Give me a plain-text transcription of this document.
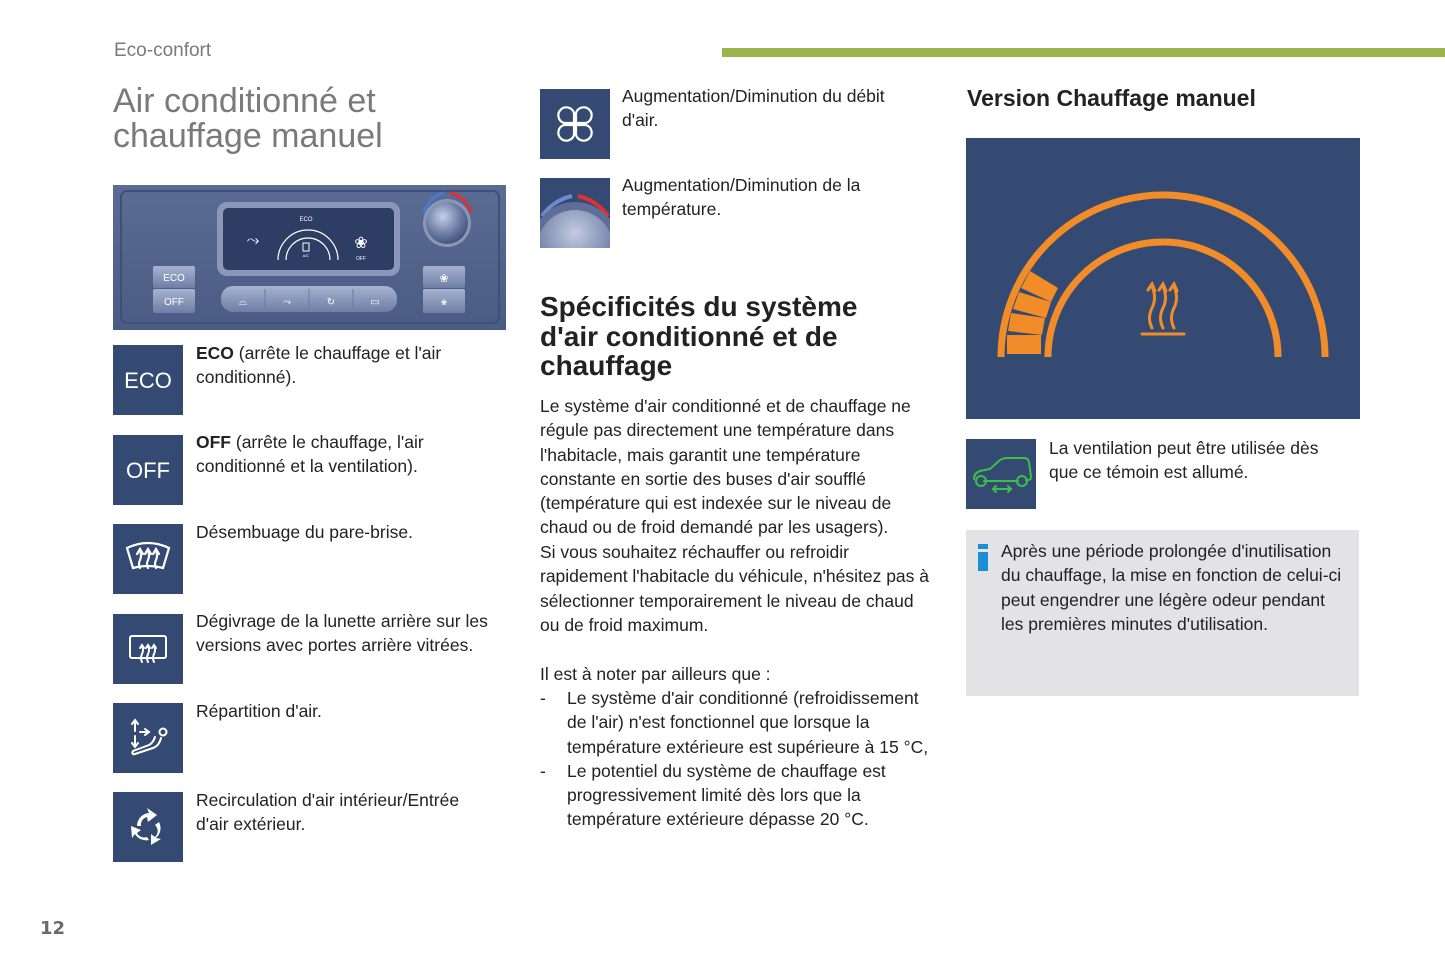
Eco-confort
Air conditionné et
chauffage manuel
ECO
A/C
⤳	❀
OFF
ECO
OFF	⌓	⤳	↻	▭
❀
❀
ECO
ECO (arrête le chauffage et l'air conditionné).
OFF
OFF (arrête le chauffage, l'air conditionné et la ventilation).
Désembuage du pare-brise.
Dégivrage de la lunette arrière sur les versions avec portes arrière vitrées.
Répartition d'air.
Recirculation d'air intérieur/Entrée d'air extérieur.
Augmentation/Diminution du débit d'air.
Augmentation/Diminution de la température.
Spécificités du système d'air conditionné et de chauffage
Le système d'air conditionné et de chauffage ne régule pas directement une température dans l'habitacle, mais garantit une température constante en sortie des buses d'air soufflé (température qui est indexée sur le niveau de chaud ou de froid demandé par les usagers).
Si vous souhaitez réchauffer ou refroidir rapidement l'habitacle du véhicule, n'hésitez pas à sélectionner temporairement le niveau de chaud ou de froid maximum.
Il est à noter par ailleurs que :
- Le système d'air conditionné (refroidissement de l'air) n'est fonctionnel que lorsque la température extérieure est supérieure à 15 °C,
- Le potentiel du système de chauffage est progressivement limité dès lors que la température extérieure dépasse 20 °C.
Version Chauffage manuel
La ventilation peut être utilisée dès que ce témoin est allumé.
Après une période prolongée d'inutilisation du chauffage, la mise en fonction de celui-ci peut engendrer une légère odeur pendant les premières minutes d'utilisation.
12
